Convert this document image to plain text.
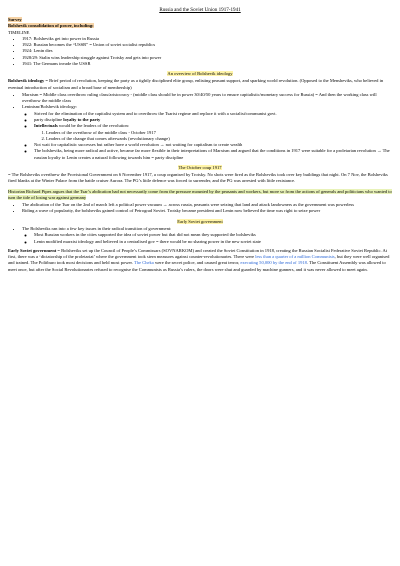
Russia and the Soviet Union 1917-1941
Survey
Bolshevik consolidation of power, including:
TIMELINE
• 1917: Bolsheviks get into power in Russia
• 1922: Russian becomes the “USSR” = Union of soviet socialist republics
• 1924: Lenin dies
• 1928/29: Stalin wins leadership struggle against Trotsky and gets into power
• 1941: The Germans invade the USSR
An overview of Bolshevik ideology

Bolshevik ideology = Brief period of revolution, keeping the party as a tightly disciplined elite group, enlisting peasant support, and sparking world revolution. (Opposed to the Mensheviks, who believed in eventual introduction of socialism and a broad base of membership)

• Marxism = Middle class overthrow ruling class/aristocracy - (middle class should be in power 30/40/50 years to ensure capitalistic/monetary success for Russia) = And then the working class will overthrow the middle class
• Leninism/Bolshevik ideology:
◦ Strived for the elimination of the capitalist system and to overthrow the Tsarist regime and replace it with a socialist/communist govt.
◦ party discipline loyalty to the party
◦ Intellectuals would be the leaders of the revolution:
1. Leaders of the overthrow of the middle class - October 1917
2. Leaders of the change that comes afterwards (revolutionary change)
◦ Not wait for capitalistic successes but rather have a world revolution → not waiting for capitalism to create wealth
◦ The bolsheviks, being more radical and active, became far more flexible in their interpretations of Marxism and argued that the conditions in 1917 were suitable for a proletarian revolution → The russian loyalty to Lenin creates a natural following towards him = party discipline
The October coup 1917

= The Bolsheviks overthrew the Provisional Government on 6 November 1917, a coup organised by Trotsky. No shots were fired as the Bolsheviks took over key buildings that night. On 7 Nov, the Bolsheviks fired blanks at the Winter Palace from the battle cruiser Aurora. The PG’s little defence was forced to surrender, and the PG was arrested with little resistance.

Historian Richard Pipes argues that the Tsar’s abdication had not necessarily come from the pressure mounted by the peasants and workers, but more so from the actions of generals and politicians who wanted to turn the tide of losing war against germany

• The abdication of the Tsar on the 2nd of march left a political power vacuum → across russia, peasants were seizing that land and attack landowners as the government was powerless
• Riding a wave of popularity, the bolsheviks gained control of Petrograd Soviet. Trotsky became president and Lenin now believed the time was right to seize power
Early Soviet government
• The Bolsheviks ran into a few key issues in their radical transition of government:
◦ Most Russian workers in the cities supported the idea of soviet power but that did not mean they supported the bolsheviks
◦ Lenin modified marxist ideology and believed in a centralised gov = there would be no sharing power in the new soviet state

Early Soviet government = Bolsheviks set up the Council of People’s Commissars (SOVNARKOM) and created the Soviet Constitution in 1918, creating the Russian Socialist Federative Soviet Republic. At first, there was a ‘dictatorship of the proletariat’ where the government took stern measures against counter-revolutionaries. There were less than a quarter of a million Communists, but they were well organised and trained. The Politburo took most decisions and held most power. The Cheka were the secret police, and caused great terror, executing 50,000 by the end of 1918. The Constituent Assembly was allowed to meet once, but after the Social Revolutionaries refused to recognise the Communists as Russia’s rulers, the doors were shut and guarded by machine gunners, and it was never allowed to meet again.
